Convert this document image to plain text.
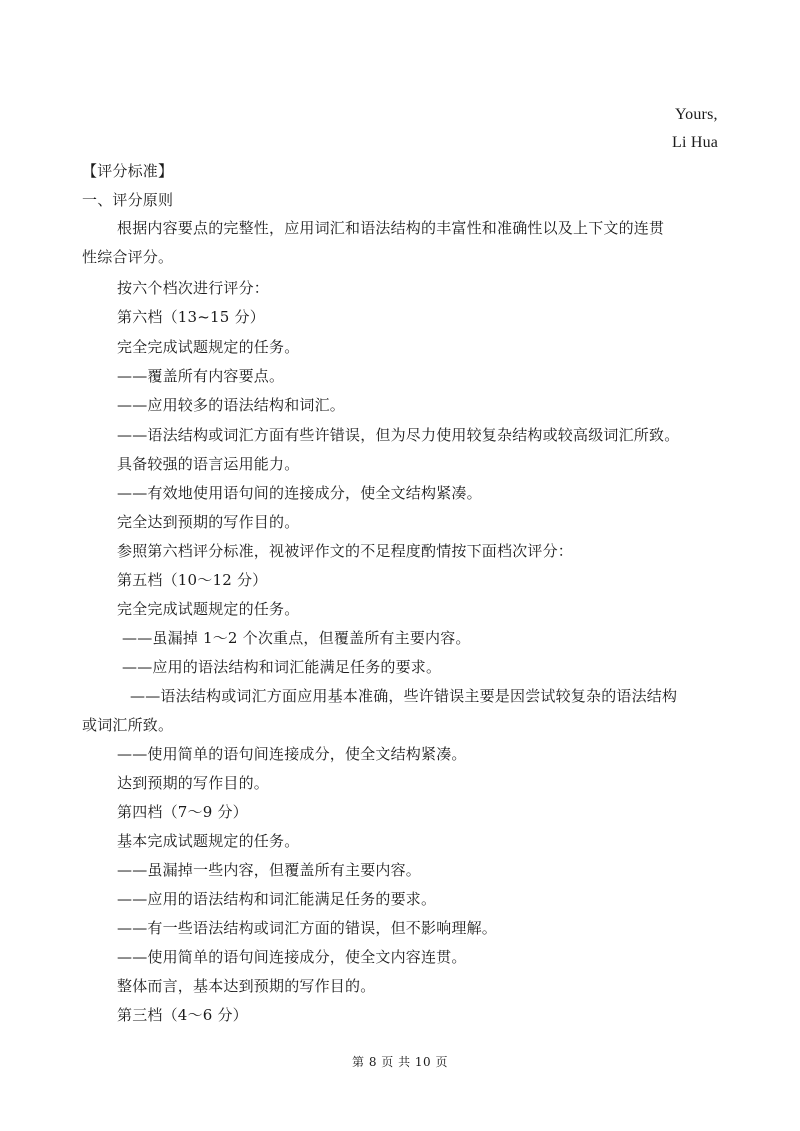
Yours,
Li Hua
【评分标准】
一、评分原则
根据内容要点的完整性，应用词汇和语法结构的丰富性和准确性以及上下文的连贯
性综合评分。
按六个档次进行评分：
第六档（13~15 分）
完全完成试题规定的任务。
——覆盖所有内容要点。
——应用较多的语法结构和词汇。
——语法结构或词汇方面有些许错误，但为尽力使用较复杂结构或较高级词汇所致。
具备较强的语言运用能力。
——有效地使用语句间的连接成分，使全文结构紧凑。
完全达到预期的写作目的。
参照第六档评分标准，视被评作文的不足程度酌情按下面档次评分：
第五档（10～12 分）
完全完成试题规定的任务。
——虽漏掉 1～2 个次重点，但覆盖所有主要内容。
——应用的语法结构和词汇能满足任务的要求。
——语法结构或词汇方面应用基本准确，些许错误主要是因尝试较复杂的语法结构
或词汇所致。
——使用简单的语句间连接成分，使全文结构紧凑。
达到预期的写作目的。
第四档（7～9 分）
基本完成试题规定的任务。
——虽漏掉一些内容，但覆盖所有主要内容。
——应用的语法结构和词汇能满足任务的要求。
——有一些语法结构或词汇方面的错误，但不影响理解。
——使用简单的语句间连接成分，使全文内容连贯。
整体而言，基本达到预期的写作目的。
第三档（4～6 分）
第 8 页 共 10 页
